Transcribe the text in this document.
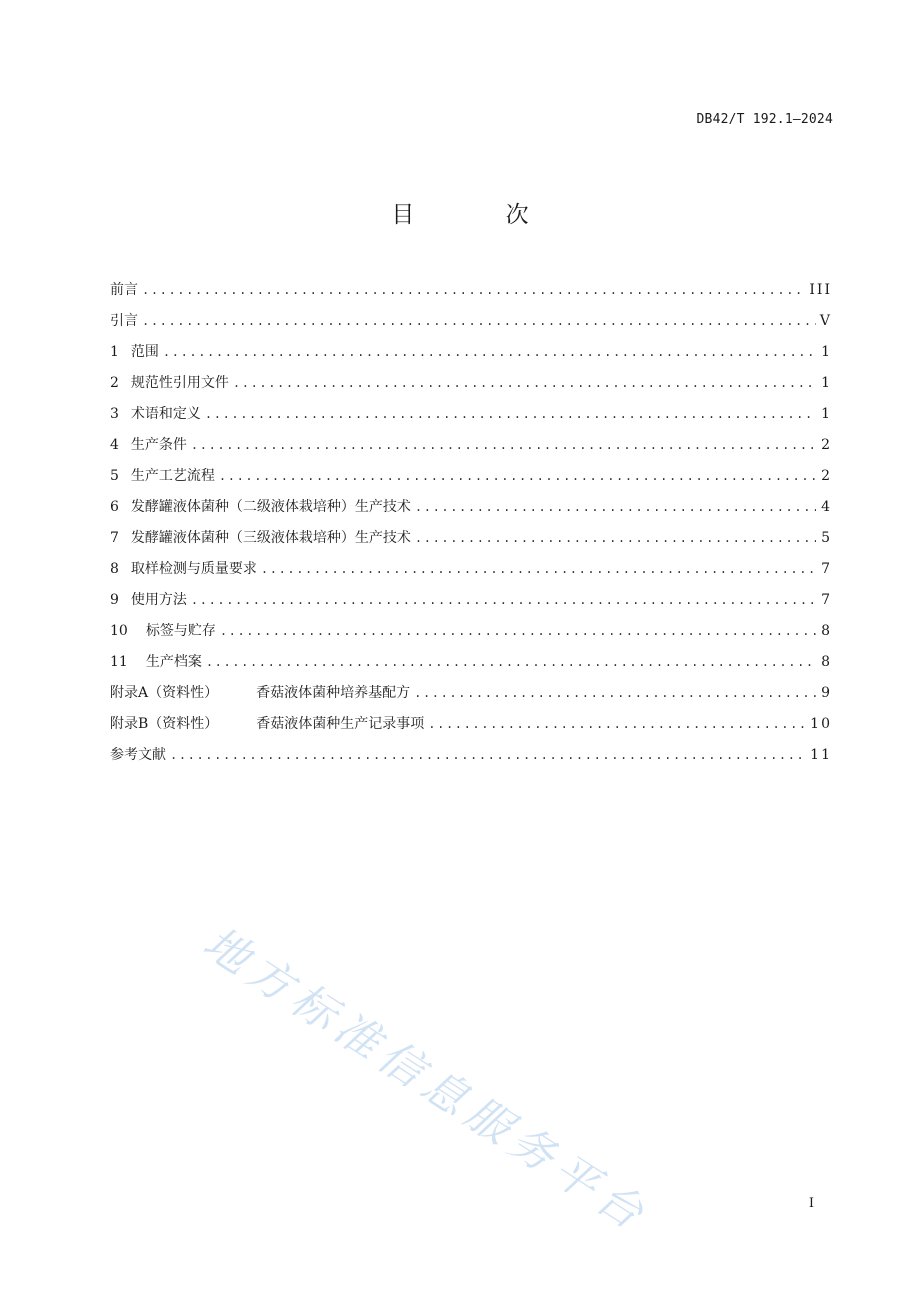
DB42/T 192.1—2024
目 次
前言 .....	III
引言 .....	V
1 范围 .....	1
2 规范性引用文件 .....	1
3 术语和定义 .....	1
4 生产条件 .....	2
5 生产工艺流程 .....	2
6 发酵罐液体菌种（二级液体栽培种）生产技术 .....	4
7 发酵罐液体菌种（三级液体栽培种）生产技术 .....	5
8 取样检测与质量要求 .....	7
9 使用方法 .....	7
10 标签与贮存 .....	8
11 生产档案 .....	8
附录A（资料性）	香菇液体菌种培养基配方 .....	9
附录B（资料性）	香菇液体菌种生产记录事项 .....	10
参考文献 .....	11
地方标准信息服务平台	I
